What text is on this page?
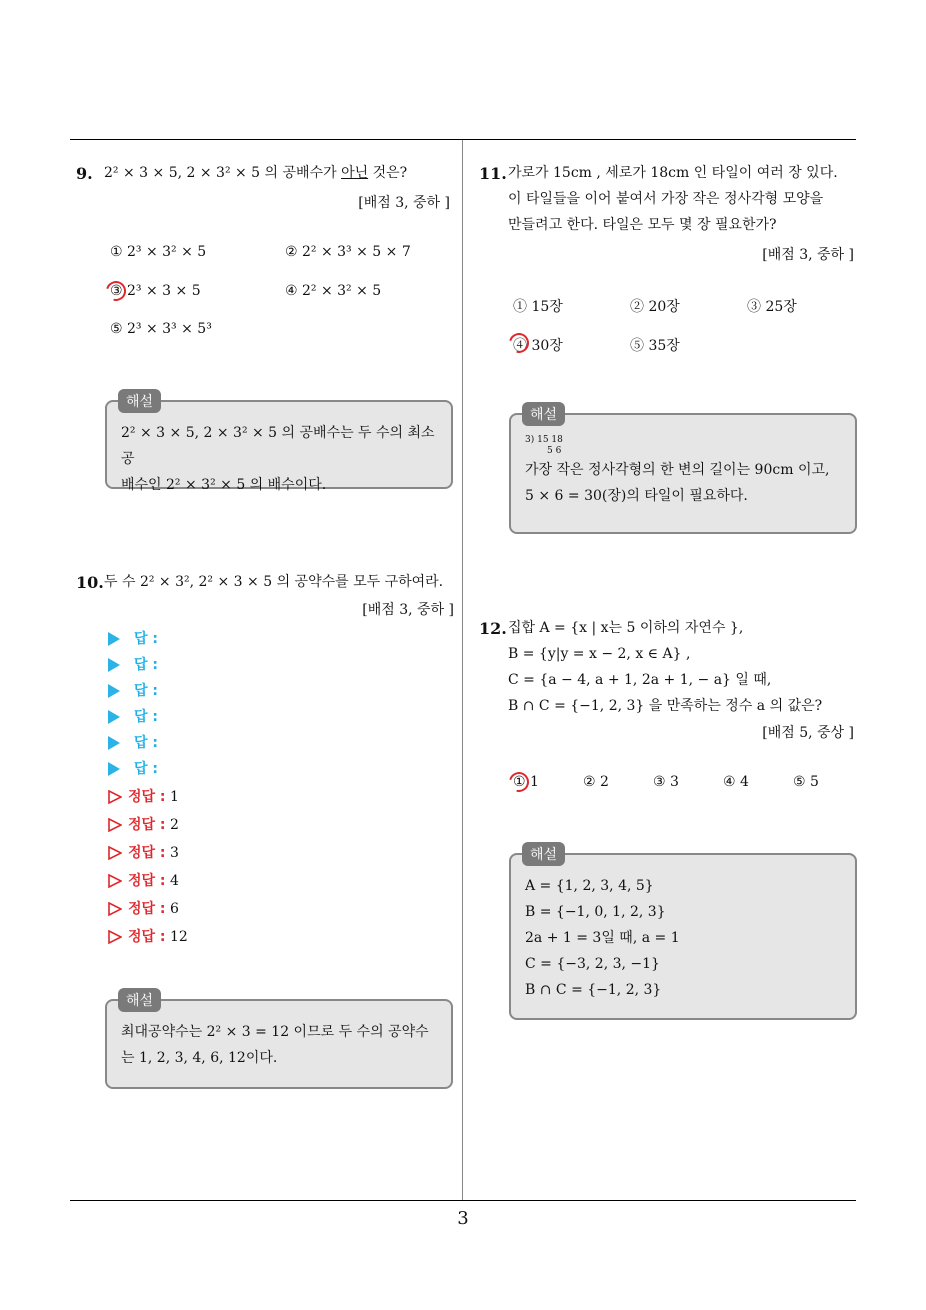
3
9. 2² × 3 × 5, 2 × 3² × 5 의 공배수가 아닌 것은?
[배점 3, 중하 ]
① 2³ × 3² × 5	② 2² × 3³ × 5 × 7
③ 2³ × 3 × 5	④ 2² × 3² × 5
⑤ 2³ × 3³ × 5³
2² × 3 × 5, 2 × 3² × 5 의 공배수는 두 수의 최소공
배수인 2² × 3² × 5 의 배수이다.
해설
10. 두 수 2² × 3², 2² × 3 × 5 의 공약수를 모두 구하여라.
[배점 3, 중하 ]
답 :
답 :
답 :
답 :
답 :
답 :
정답 : 1
정답 : 2
정답 : 3
정답 : 4
정답 : 6
정답 : 12
최대공약수는 2² × 3 = 12 이므로 두 수의 공약수
는 1, 2, 3, 4, 6, 12이다.
해설
11. 가로가 15cm , 세로가 18cm 인 타일이 여러 장 있다.
이 타일들을 이어 붙여서 가장 작은 정사각형 모양을
만들려고 한다. 타일은 모두 몇 장 필요한가?
[배점 3, 중하 ]
① 15장	② 20장	③ 25장
④ 30장	⑤ 35장
3) 15 18
5 6
가장 작은 정사각형의 한 변의 길이는 90cm 이고,
5 × 6 = 30(장)의 타일이 필요하다.
해설
12. 집합 A = {x | x는 5 이하의 자연수 },
B = {y|y = x − 2, x ∈ A} ,
C = {a − 4, a + 1, 2a + 1, − a} 일 때,
B ∩ C = {−1, 2, 3} 을 만족하는 정수 a 의 값은?
[배점 5, 중상 ]
① 1	② 2	③ 3	④ 4	⑤ 5
A = {1, 2, 3, 4, 5}
B = {−1, 0, 1, 2, 3}
2a + 1 = 3일 때, a = 1
C = {−3, 2, 3, −1}
B ∩ C = {−1, 2, 3}
해설
